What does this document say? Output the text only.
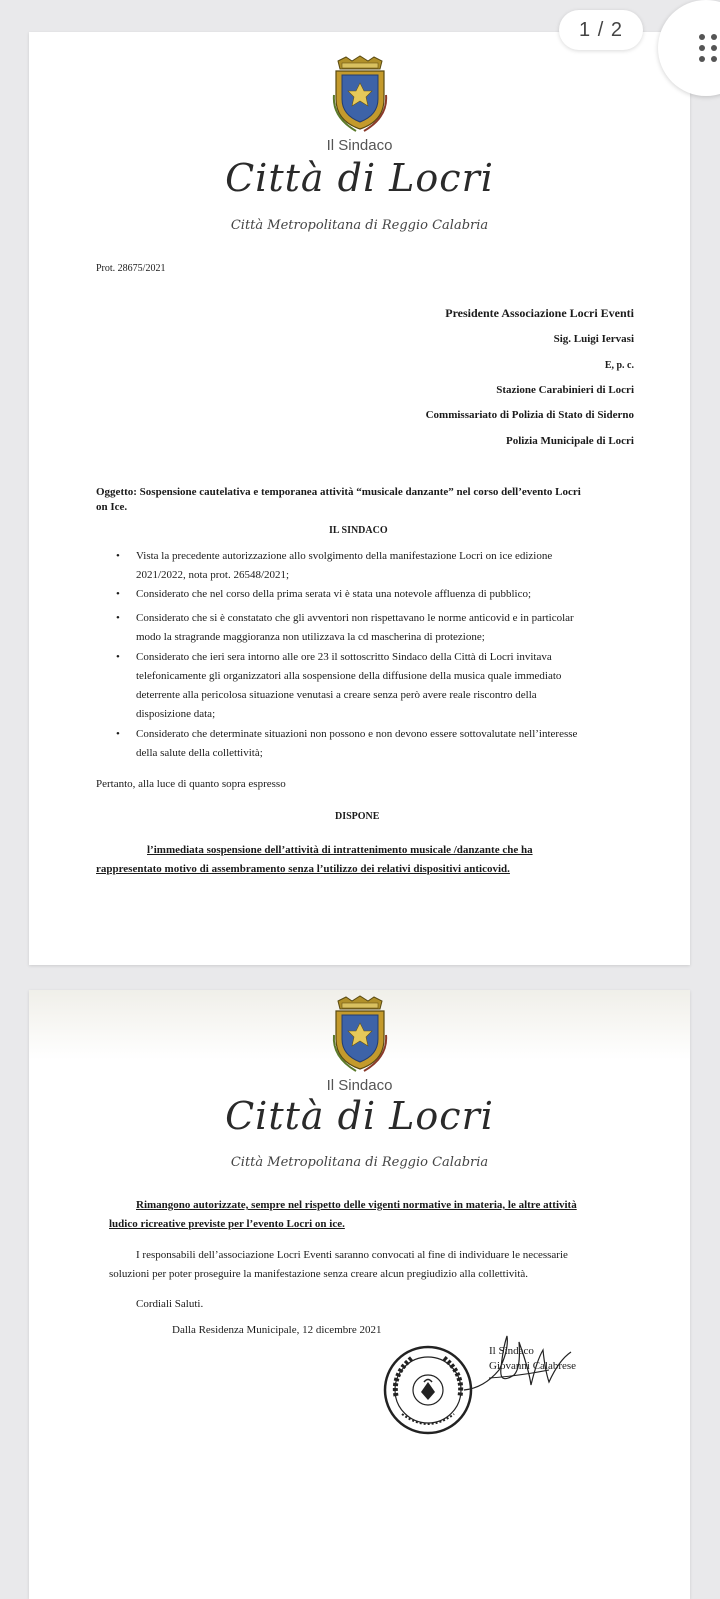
1 / 2
Il Sindaco
Città di Locri
Città Metropolitana di Reggio Calabria
Prot. 28675/2021
Presidente Associazione Locri Eventi
Sig. Luigi Iervasi
E, p. c.
Stazione Carabinieri di Locri
Commissariato di Polizia di Stato di Siderno
Polizia Municipale di Locri
Oggetto: Sospensione cautelativa e temporanea attività “musicale danzante” nel corso dell’evento Locri
on Ice.
IL SINDACO
• Vista la precedente autorizzazione allo svolgimento della manifestazione Locri on ice edizione
2021/2022, nota prot. 26548/2021;
• Considerato che nel corso della prima serata vi è stata una notevole affluenza di pubblico;
• Considerato che si è constatato che gli avventori non rispettavano le norme anticovid e in particolar
modo la stragrande maggioranza non utilizzava la cd mascherina di protezione;
• Considerato che ieri sera intorno alle ore 23 il sottoscritto Sindaco della Città di Locri invitava
telefonicamente gli organizzatori alla sospensione della diffusione della musica quale immediato
deterrente alla pericolosa situazione venutasi a creare senza però avere reale riscontro della
disposizione data;
• Considerato che determinate situazioni non possono e non devono essere sottovalutate nell’interesse
della salute della collettività;
Pertanto, alla luce di quanto sopra espresso
DISPONE
l’immediata sospensione dell’attività di intrattenimento musicale /danzante che ha
rappresentato motivo di assembramento senza l’utilizzo dei relativi dispositivi anticovid.
Il Sindaco
Città di Locri
Città Metropolitana di Reggio Calabria
Rimangono autorizzate, sempre nel rispetto delle vigenti normative in materia, le altre attività
ludico ricreative previste per l’evento Locri on ice.
I responsabili dell’associazione Locri Eventi saranno convocati al fine di individuare le necessarie
soluzioni per poter proseguire la manifestazione senza creare alcun pregiudizio alla collettività.
Cordiali Saluti.
Dalla Residenza Municipale, 12 dicembre 2021
Il Sindaco
Giovanni Calabrese
